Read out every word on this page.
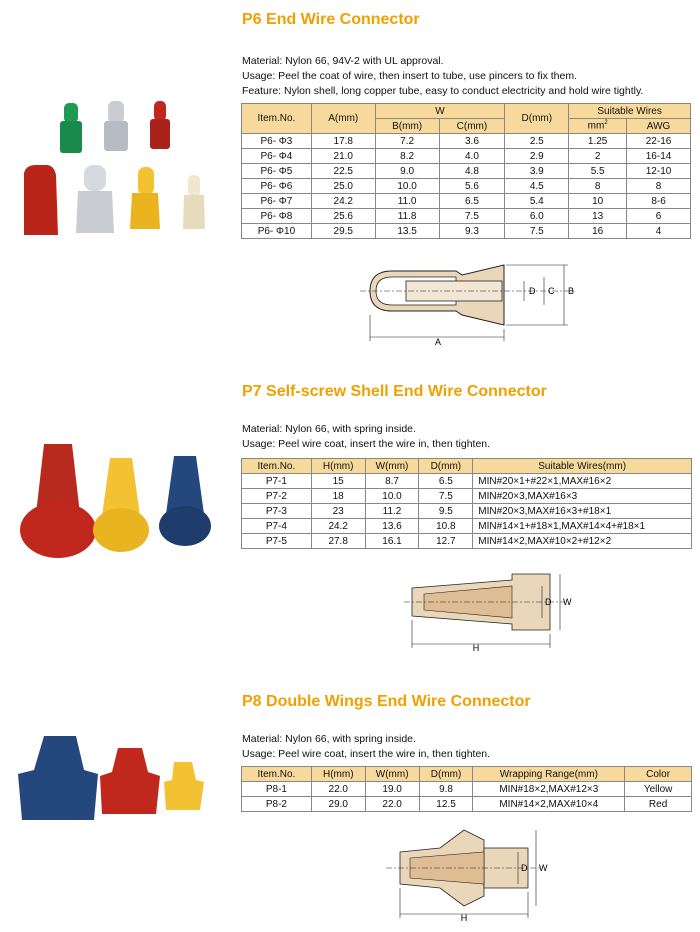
P6 End Wire Connector
Material: Nylon 66, 94V-2 with UL approval.
Usage: Peel the coat of wire, then insert to tube, use pincers to fix them.
Feature: Nylon shell, long copper tube, easy to conduct electricity and hold wire tightly.
Item.No.	A(mm)	W		D(mm)	Suitable Wires	
		B(mm)	C(mm)		$mm^2$	AWG
P6- Φ3	17.8	7.2	3.6	2.5	1.25	22-16
P6- Φ4	21.0	8.2	4.0	2.9	2	16-14
P6- Φ5	22.5	9.0	4.8	3.9	5.5	12-10
P6- Φ6	25.0	10.0	5.6	4.5	8	8
P6- Φ7	24.2	11.0	6.5	5.4	10	8-6
P6- Φ8	25.6	11.8	7.5	6.0	13	6
P6- Φ10	29.5	13.5	9.3	7.5	16	4
A
D C B
P7 Self-screw Shell End Wire Connector
Material: Nylon 66, with spring inside.
Usage: Peel wire coat, insert the wire in, then tighten.
Item.No.	H(mm)	W(mm)	D(mm)	Suitable Wires(mm)
P7-1	15	8.7	6.5	MIN#20×1+#22×1,MAX#16×2
P7-2	18	10.0	7.5	MIN#20×3,MAX#16×3
P7-3	23	11.2	9.5	MIN#20×3,MAX#16×3+#18×1
P7-4	24.2	13.6	10.8	MIN#14×1+#18×1,MAX#14×4+#18×1
P7-5	27.8	16.1	12.7	MIN#14×2,MAX#10×2+#12×2
H
D W
P8 Double Wings End Wire Connector
Material: Nylon 66, with spring inside.
Usage: Peel wire coat, insert the wire in, then tighten.
Item.No.	H(mm)	W(mm)	D(mm)	Wrapping Range(mm)	Color
P8-1	22.0	19.0	9.8	MIN#18×2,MAX#12×3	Yellow
P8-2	29.0	22.0	12.5	MIN#14×2,MAX#10×4	Red
H
D W
